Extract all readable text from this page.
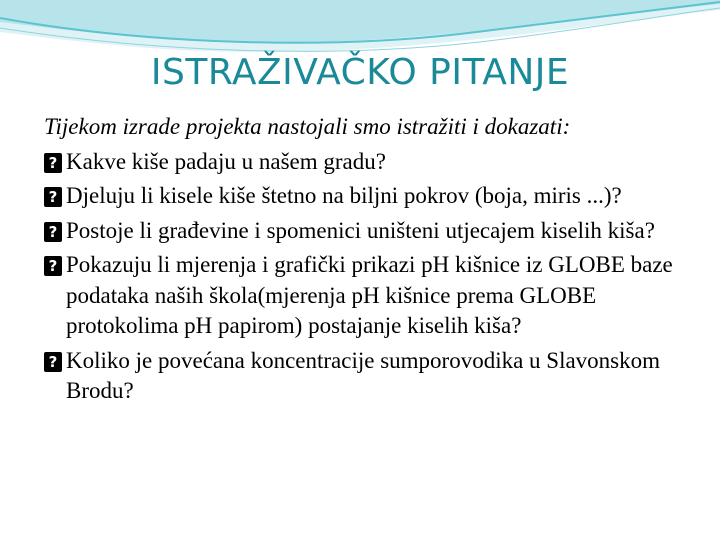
ISTRAŽIVAČKO PITANJE

Tijekom izrade projekta nastojali smo istražiti i dokazati:

? Kakve kiše padaju u našem gradu?
? Djeluju li kisele kiše štetno na biljni pokrov (boja, miris ...)?
? Postoje li građevine i spomenici uništeni utjecajem kiselih kiša?
? Pokazuju li mjerenja i grafički prikazi pH kišnice iz GLOBE baze podataka naših škola(mjerenja pH kišnice prema GLOBE protokolima pH papirom) postajanje kiselih kiša?
? Koliko je povećana koncentracije sumporovodika u Slavonskom Brodu?
